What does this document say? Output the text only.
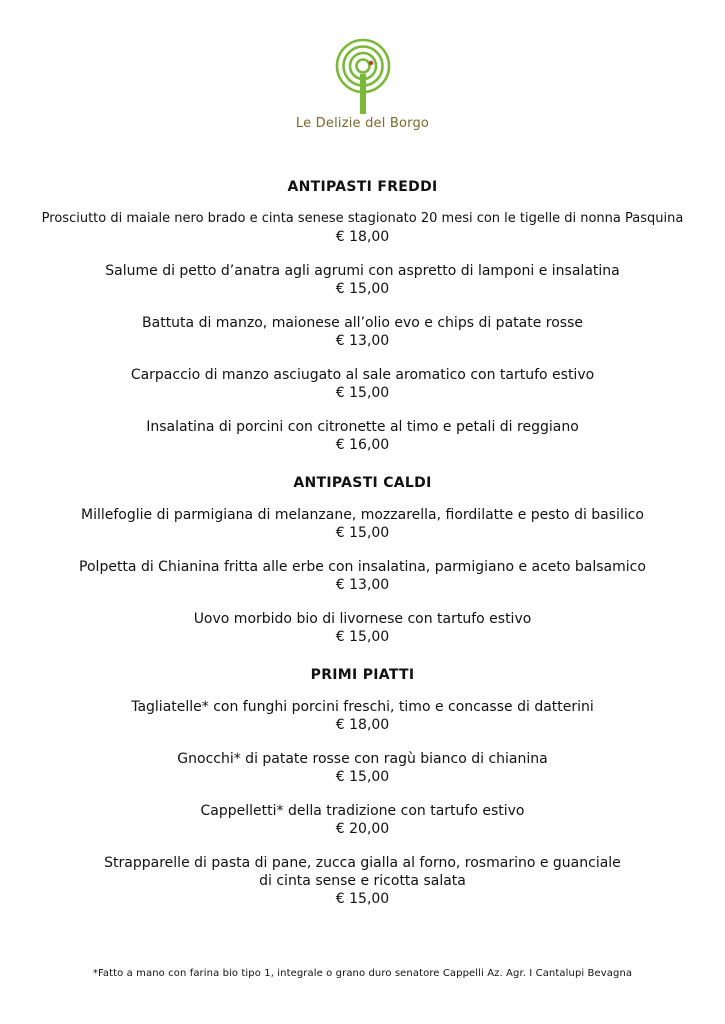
Le Delizie del Borgo
ANTIPASTI FREDDI
Prosciutto di maiale nero brado e cinta senese stagionato 20 mesi con le tigelle di nonna Pasquina
€ 18,00
Salume di petto d’anatra agli agrumi con aspretto di lamponi e insalatina
€ 15,00
Battuta di manzo, maionese all’olio evo e chips di patate rosse
€ 13,00
Carpaccio di manzo asciugato al sale aromatico con tartufo estivo
€ 15,00
Insalatina di porcini con citronette al timo e petali di reggiano
€ 16,00
ANTIPASTI CALDI
Millefoglie di parmigiana di melanzane, mozzarella, fiordilatte e pesto di basilico
€ 15,00
Polpetta di Chianina fritta alle erbe con insalatina, parmigiano e aceto balsamico
€ 13,00
Uovo morbido bio di livornese con tartufo estivo
€ 15,00
PRIMI PIATTI
Tagliatelle* con funghi porcini freschi, timo e concasse di datterini
€ 18,00
Gnocchi* di patate rosse con ragù bianco di chianina
€ 15,00
Cappelletti* della tradizione con tartufo estivo
€ 20,00
Strapparelle di pasta di pane, zucca gialla al forno, rosmarino e guanciale
di cinta sense e ricotta salata
€ 15,00
*Fatto a mano con farina bio tipo 1, integrale o grano duro senatore Cappelli Az. Agr. I Cantalupi Bevagna
